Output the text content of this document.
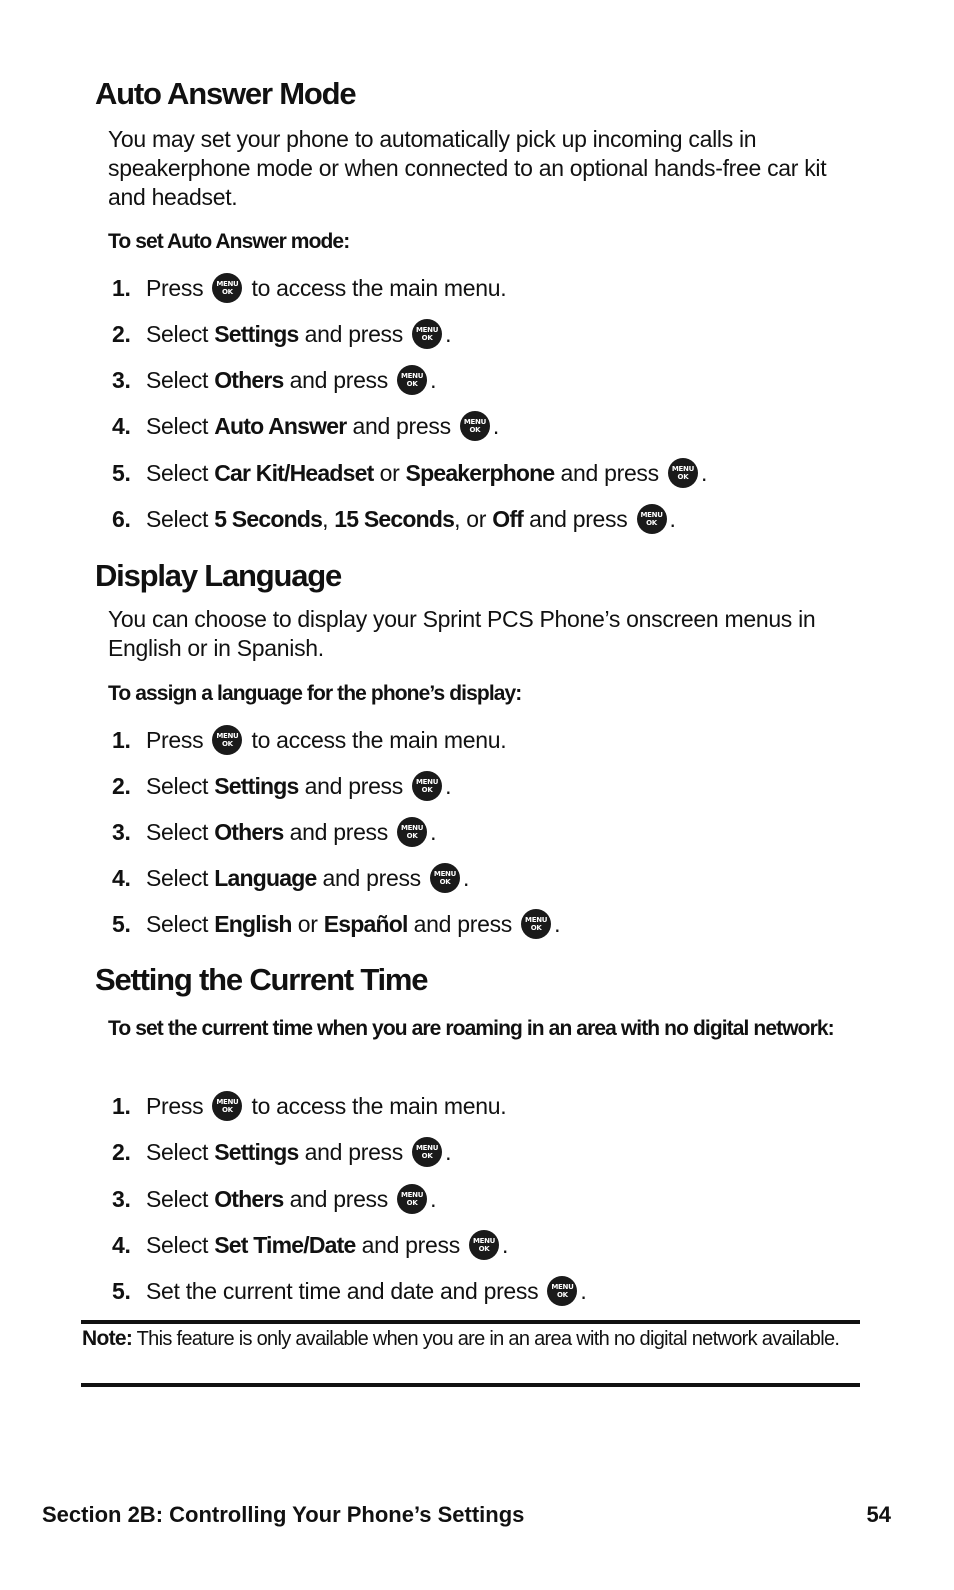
Auto Answer Mode

You may set your phone to automatically pick up incoming calls in speakerphone mode or when connected to an optional hands-free car kit and headset.

To set Auto Answer mode:

1. Press MENU
OK to access the main menu.
2. Select Settings and press MENU
OK .
3. Select Others and press MENU
OK .
4. Select Auto Answer and press MENU
OK .
5. Select Car Kit/Headset or Speakerphone and press MENU
OK .
6. Select 5 Seconds , 15 Seconds , or Off and press MENU
OK .
Display Language

You can choose to display your Sprint PCS Phone’s onscreen menus in English or in Spanish.

To assign a language for the phone’s display:

1. Press MENU
OK to access the main menu.
2. Select Settings and press MENU
OK .
3. Select Others and press MENU
OK .
4. Select Language and press MENU
OK .
5. Select English or Español and press MENU
OK .
Setting the Current Time

To set the current time when you are roaming in an area with no digital network:

1. Press MENU
OK to access the main menu.
2. Select Settings and press MENU
OK .
3. Select Others and press MENU
OK .
4. Select Set Time/Date and press MENU
OK .
5. Set the current time and date and press MENU
OK .

Note: This feature is only available when you are in an area with no digital network available.

Section 2B: Controlling Your Phone’s Settings	54
